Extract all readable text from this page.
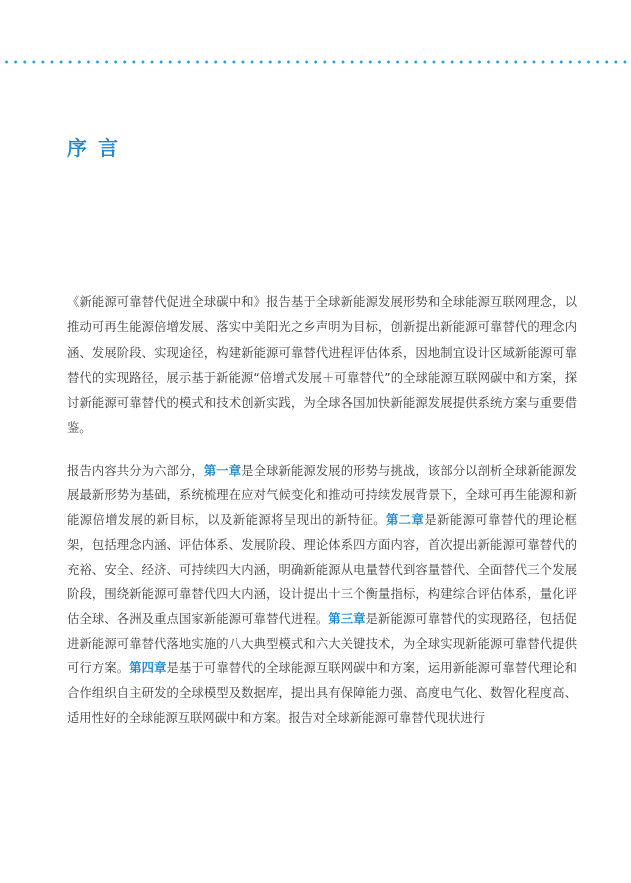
序言

《新能源可靠替代促进全球碳中和》报告基于全球新能源发展形势和全球能源互联网理念，以推动可再生能源倍增发展、落实中美阳光之乡声明为目标，创新提出新能源可靠替代的理念内涵、发展阶段、实现途径，构建新能源可靠替代进程评估体系，因地制宜设计区域新能源可靠替代的实现路径，展示基于新能源“倍增式发展＋可靠替代”的全球能源互联网碳中和方案，探讨新能源可靠替代的模式和技术创新实践，为全球各国加快新能源发展提供系统方案与重要借鉴。

报告内容共分为六部分，第一章是全球新能源发展的形势与挑战，该部分以剖析全球新能源发展最新形势为基础，系统梳理在应对气候变化和推动可持续发展背景下，全球可再生能源和新能源倍增发展的新目标，以及新能源将呈现出的新特征。第二章是新能源可靠替代的理论框架，包括理念内涵、评估体系、发展阶段、理论体系四方面内容，首次提出新能源可靠替代的充裕、安全、经济、可持续四大内涵，明确新能源从电量替代到容量替代、全面替代三个发展阶段，围绕新能源可靠替代四大内涵，设计提出十三个衡量指标，构建综合评估体系，量化评估全球、各洲及重点国家新能源可靠替代进程。第三章是新能源可靠替代的实现路径，包括促进新能源可靠替代落地实施的八大典型模式和六大关键技术，为全球实现新能源可靠替代提供可行方案。第四章是基于可靠替代的全球能源互联网碳中和方案，运用新能源可靠替代理论和合作组织自主研发的全球模型及数据库，提出具有保障能力强、高度电气化、数智化程度高、适用性好的全球能源互联网碳中和方案。报告对全球新能源可靠替代现状进行
